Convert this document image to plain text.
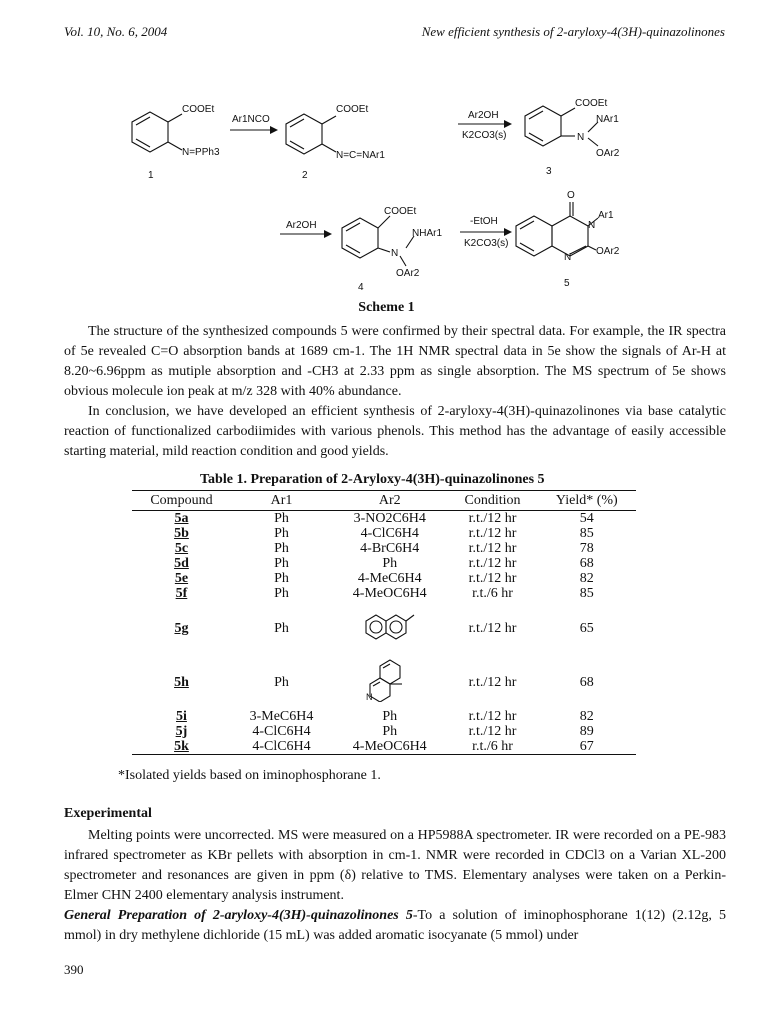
Vol. 10, No. 6, 2004	New efficient synthesis of 2-aryloxy-4(3H)-quinazolinones
COOEt
N=PPh3
1
Ar1NCO
COOEt
N=C=NAr1
2
Ar2OH
K2CO3(s)
COOEt
N
NAr1
OAr2
3
Ar2OH
COOEt
NHAr1
N
OAr2
4
-EtOH
K2CO3(s)
O
N
Ar1
N
OAr2
5
Scheme 1

The structure of the synthesized compounds 5 were confirmed by their spectral data. For example, the IR spectra of 5e revealed C=O absorption bands at 1689 cm-1. The 1H NMR spectral data in 5e show the signals of Ar-H at 8.20~6.96ppm as mutiple absorption and -CH3 at 2.33 ppm as single absorption. The MS spectrum of 5e shows obvious molecule ion peak at m/z 328 with 40% abundance.

In conclusion, we have developed an efficient synthesis of 2-aryloxy-4(3H)-quinazolinones via base catalytic reaction of functionalized carbodiimides with various phenols. This method has the advantage of easily accessible starting material, mild reaction condition and good yields.

Table 1. Preparation of 2-Aryloxy-4(3H)-quinazolinones 5
Compound	Ar1	Ar2	Condition	Yield* (%)
5a	Ph	3-NO2C6H4	r.t./12 hr	54
5b	Ph	4-ClC6H4	r.t./12 hr	85
5c	Ph	4-BrC6H4	r.t./12 hr	78
5d	Ph	Ph	r.t./12 hr	68
5e	Ph	4-MeC6H4	r.t./12 hr	82
5f	Ph	4-MeOC6H4	r.t./6 hr	85
5g	Ph		r.t./12 hr	65
5h	Ph	N	r.t./12 hr	68
5i	3-MeC6H4	Ph	r.t./12 hr	82
5j	4-ClC6H4	Ph	r.t./12 hr	89
5k	4-ClC6H4	4-MeOC6H4	r.t./6 hr	67
*Isolated yields based on iminophosphorane 1.
Exeperimental

Melting points were uncorrected. MS were measured on a HP5988A spectrometer. IR were recorded on a PE-983 infrared spectrometer as KBr pellets with absorption in cm-1. NMR were recorded in CDCl3 on a Varian XL-200 spectrometer and resonances are given in ppm (δ) relative to TMS. Elementary analyses were taken on a Perkin-Elmer CHN 2400 elementary analysis instrument.

General Preparation of 2-aryloxy-4(3H)-quinazolinones 5-To a solution of iminophosphorane 1(12) (2.12g, 5 mmol) in dry methylene dichloride (15 mL) was added aromatic isocyanate (5 mmol) under

390
